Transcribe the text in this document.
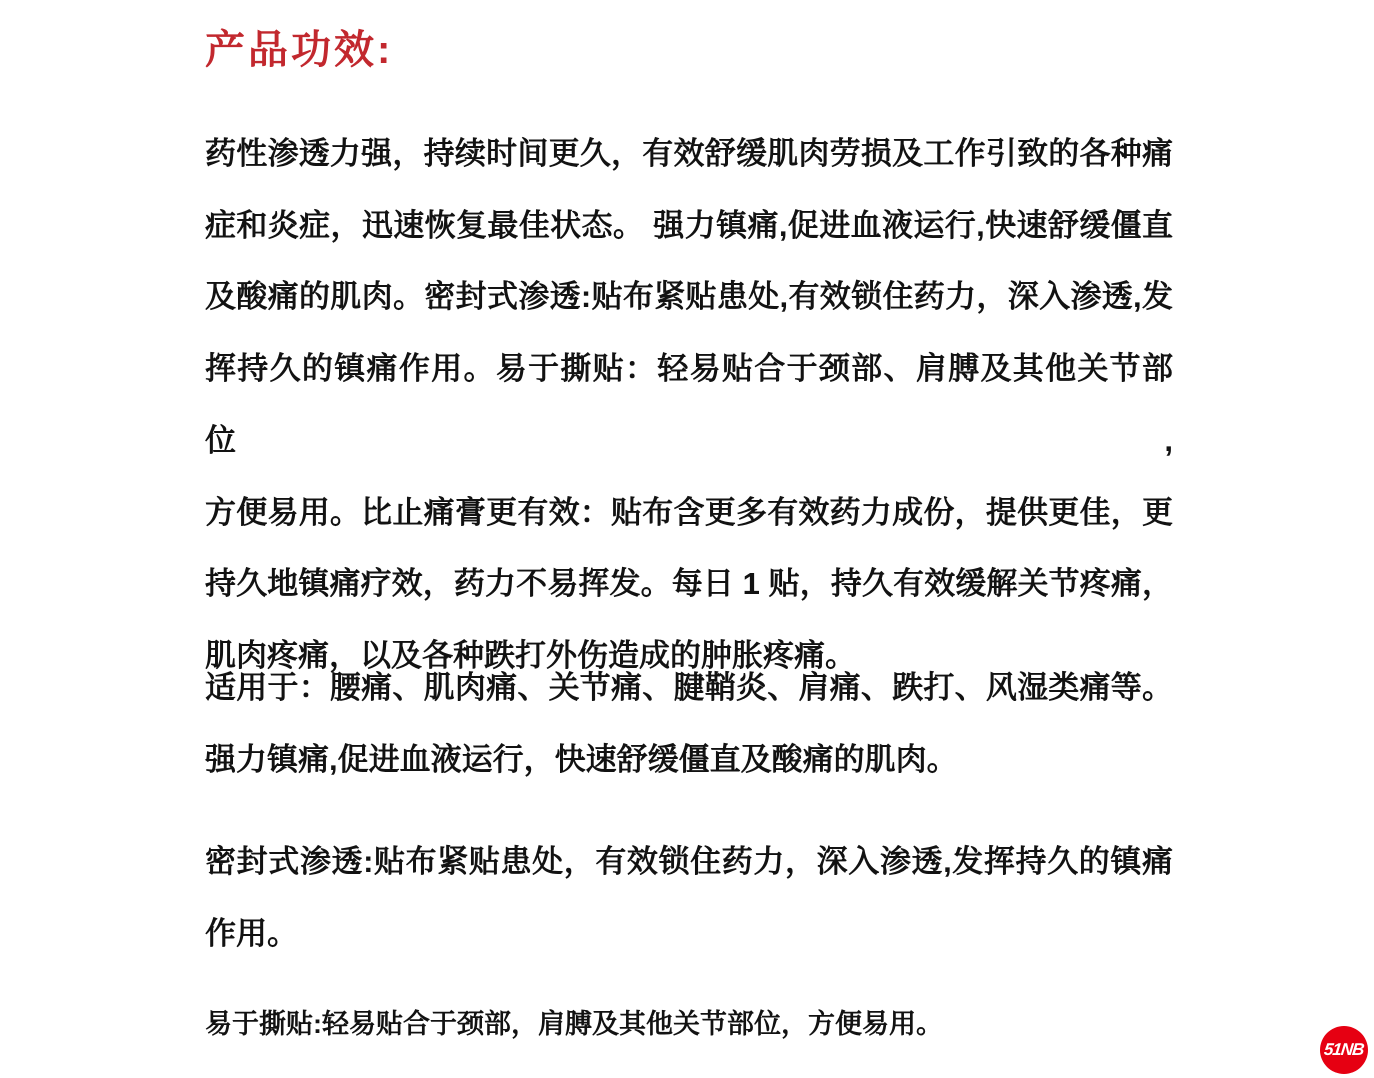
产品功效:
药性渗透力强，持续时间更久，有效舒缓肌肉劳损及工作引致的各种痛
症和炎症，迅速恢复最佳状态。 强力镇痛,促进血液运行,快速舒缓僵直
及酸痛的肌肉。密封式渗透:贴布紧贴患处,有效锁住药力，深入渗透,发
挥持久的镇痛作用。易于撕贴：轻易贴合于颈部、肩膊及其他关节部位,
方便易用。比止痛膏更有效：贴布含更多有效药力成份，提供更佳，更
持久地镇痛疗效，药力不易挥发。每日 1 贴，持久有效缓解关节疼痛，
肌肉疼痛，以及各种跌打外伤造成的肿胀疼痛。
适用于：腰痛、肌肉痛、关节痛、腱鞘炎、肩痛、跌打、风湿类痛等。
强力镇痛,促进血液运行，快速舒缓僵直及酸痛的肌肉。
密封式渗透:贴布紧贴患处，有效锁住药力，深入渗透,发挥持久的镇痛
作用。
易于撕贴:轻易贴合于颈部，肩膊及其他关节部位，方便易用。
51NB
